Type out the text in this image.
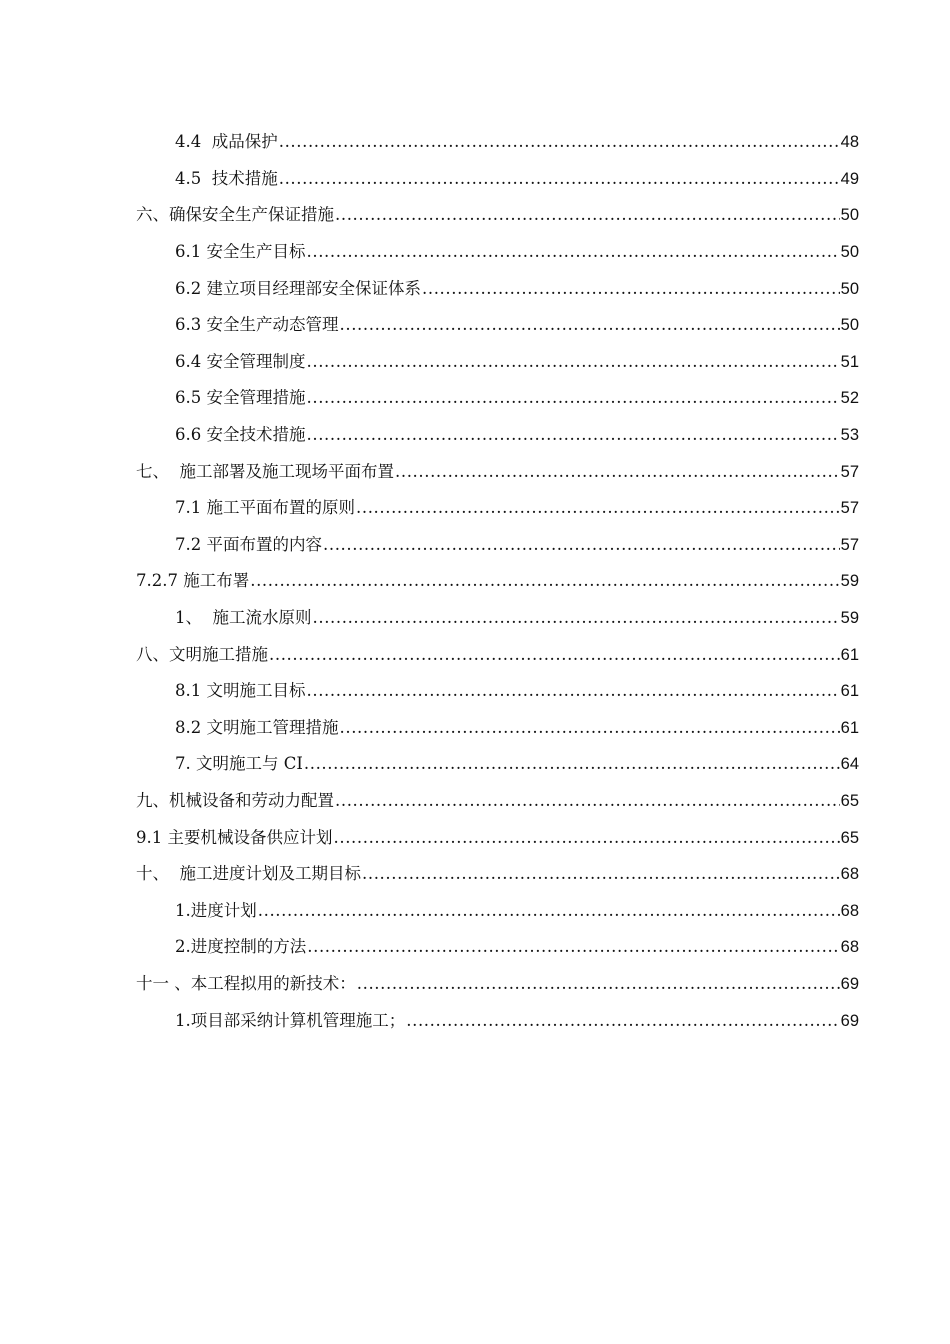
4.4  成品保护 .....	48
4.5  技术措施 .....	49
六、确保安全生产保证措施 .....	50
6.1 安全生产目标 .....	50
6.2 建立项目经理部安全保证体系 .....	50
6.3 安全生产动态管理 .....	50
6.4 安全管理制度 .....	51
6.5 安全管理措施 .....	52
6.6 安全技术措施 .....	53
七、  施工部署及施工现场平面布置 .....	57
7.1 施工平面布置的原则 .....	57
7.2 平面布置的内容 .....	57
7.2.7 施工布署 .....	59
1、  施工流水原则 .....	59
八、文明施工措施 .....	61
8.1 文明施工目标 .....	61
8.2 文明施工管理措施 .....	61
7. 文明施工与 CI .....	64
九、机械设备和劳动力配置 .....	65
9.1 主要机械设备供应计划 .....	65
十、  施工进度计划及工期目标 .....	68
1.进度计划 .....	68
2.进度控制的方法 .....	68
十一 、本工程拟用的新技术： .....	69
1.项目部采纳计算机管理施工； .....	69
